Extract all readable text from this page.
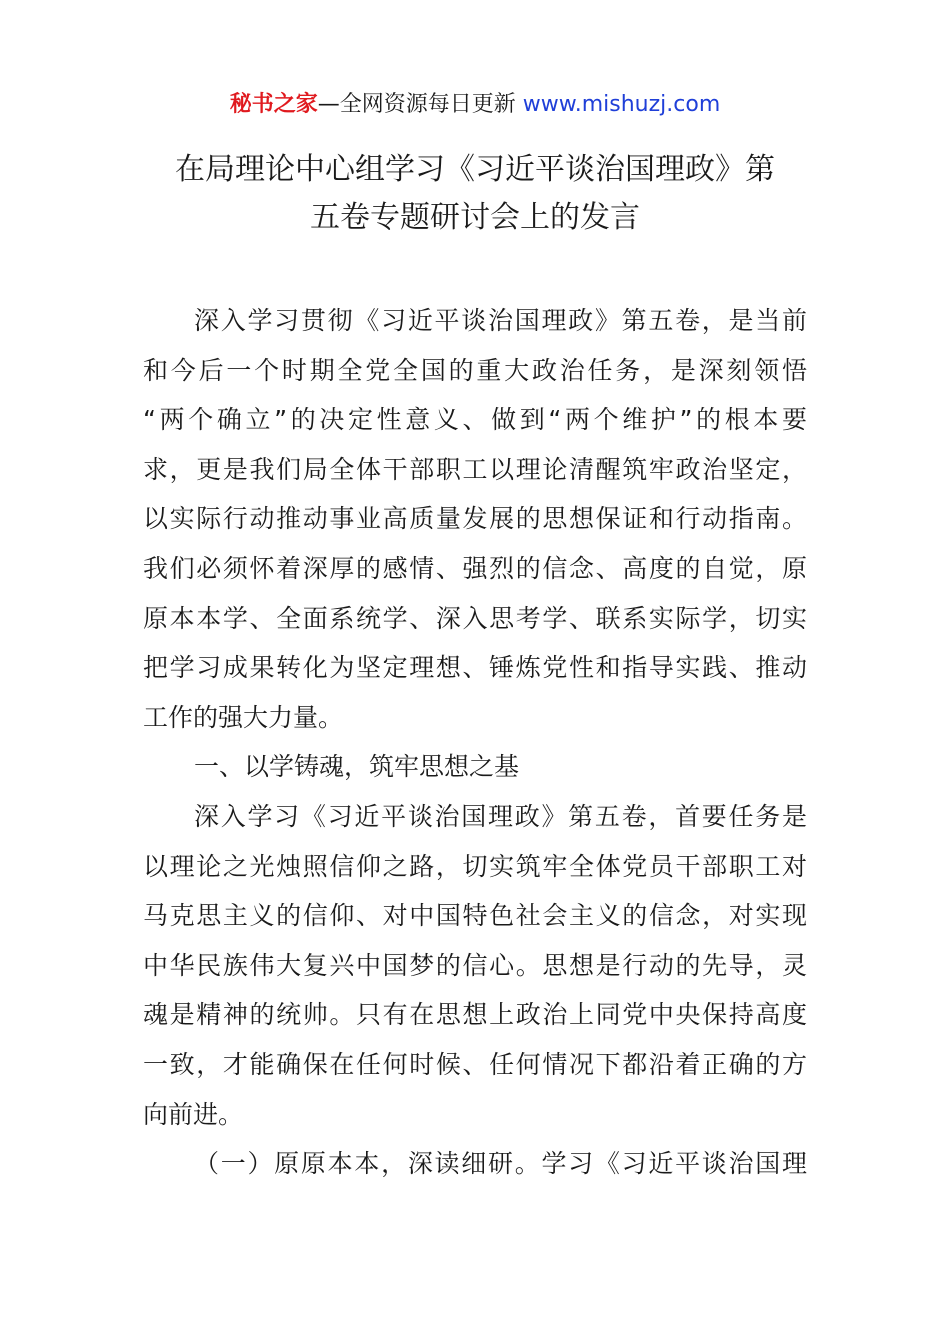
秘书之家—全网资源每日更新 www.mishuzj.com
在局理论中心组学习《习近平谈治国理政》第
五卷专题研讨会上的发言
深入学习贯彻《习近平谈治国理政》第五卷，是当前
和今后一个时期全党全国的重大政治任务，是深刻领悟
“两个确立”的决定性意义、做到“两个维护”的根本要
求，更是我们局全体干部职工以理论清醒筑牢政治坚定，
以实际行动推动事业高质量发展的思想保证和行动指南。
我们必须怀着深厚的感情、强烈的信念、高度的自觉，原
原本本学、全面系统学、深入思考学、联系实际学，切实
把学习成果转化为坚定理想、锤炼党性和指导实践、推动
工作的强大力量。
一、以学铸魂，筑牢思想之基
深入学习《习近平谈治国理政》第五卷，首要任务是
以理论之光烛照信仰之路，切实筑牢全体党员干部职工对
马克思主义的信仰、对中国特色社会主义的信念，对实现
中华民族伟大复兴中国梦的信心。思想是行动的先导，灵
魂是精神的统帅。只有在思想上政治上同党中央保持高度
一致，才能确保在任何时候、任何情况下都沿着正确的方
向前进。
（一）原原本本，深读细研。学习《习近平谈治国理
